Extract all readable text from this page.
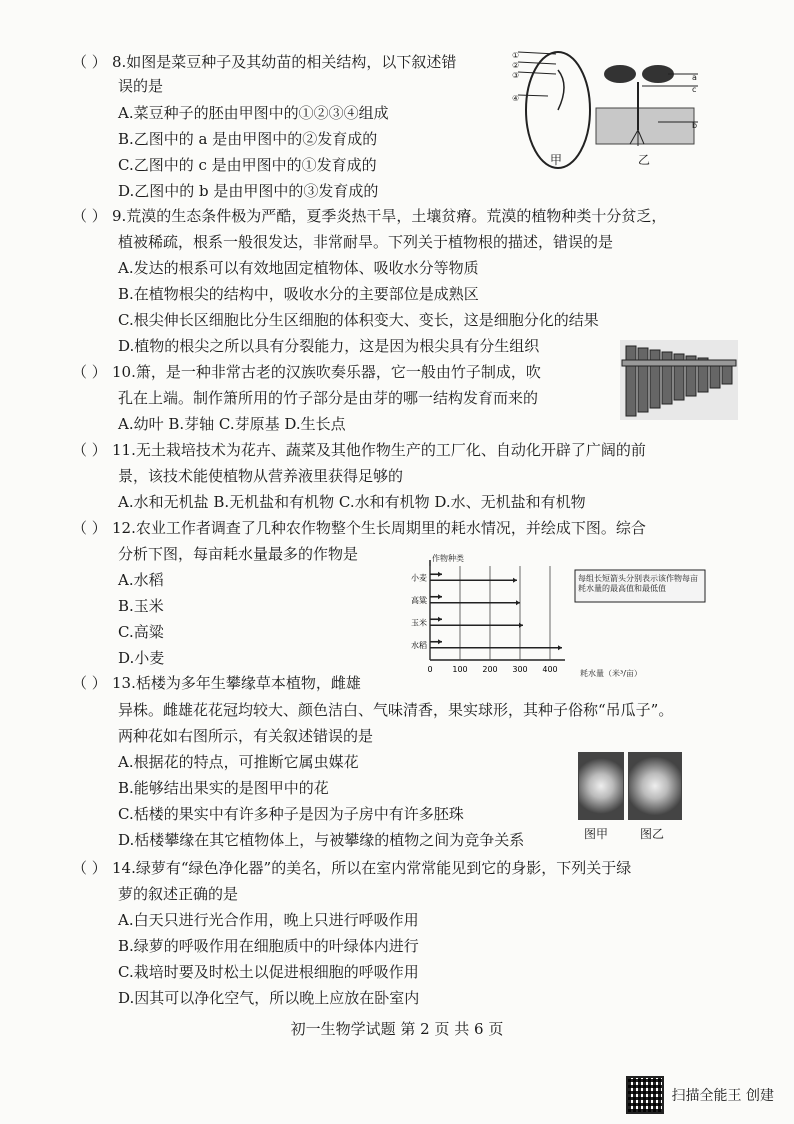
（ ） 8.如图是菜豆种子及其幼苗的相关结构，以下叙述错
误的是
A.菜豆种子的胚由甲图中的①②③④组成
B.乙图中的 a 是由甲图中的②发育成的
C.乙图中的 c 是由甲图中的①发育成的
D.乙图中的 b 是由甲图中的③发育成的
①
②
③
④
a
c
b
甲	乙
（ ） 9.荒漠的生态条件极为严酷，夏季炎热干旱，土壤贫瘠。荒漠的植物种类十分贫乏，
植被稀疏，根系一般很发达，非常耐旱。下列关于植物根的描述，错误的是
A.发达的根系可以有效地固定植物体、吸收水分等物质
B.在植物根尖的结构中，吸收水分的主要部位是成熟区
C.根尖伸长区细胞比分生区细胞的体积变大、变长，这是细胞分化的结果
D.植物的根尖之所以具有分裂能力，这是因为根尖具有分生组织
（ ） 10.箫，是一种非常古老的汉族吹奏乐器，它一般由竹子制成，吹
孔在上端。制作箫所用的竹子部分是由芽的哪一结构发育而来的
A.幼叶 B.芽轴 C.芽原基 D.生长点
（ ） 11.无土栽培技术为花卉、蔬菜及其他作物生产的工厂化、自动化开辟了广阔的前
景，该技术能使植物从营养液里获得足够的
A.水和无机盐 B.无机盐和有机物 C.水和有机物 D.水、无机盐和有机物
（ ） 12.农业工作者调查了几种农作物整个生长周期里的耗水情况，并绘成下图。综合
分析下图，每亩耗水量最多的作物是
A.水稻
B.玉米
C.高粱
D.小麦
0 100 200 300 400
小麦
高粱
玉米
水稻
作物种类
耗水量（米³/亩）
每组长短箭头分别表示该作物每亩耗水量的最高值和最低值
（ ） 13.栝楼为多年生攀缘草本植物，雌雄
异株。雌雄花花冠均较大、颜色洁白、气味清香，果实球形，其种子俗称“吊瓜子”。
两种花如右图所示，有关叙述错误的是
A.根据花的特点，可推断它属虫媒花
B.能够结出果实的是图甲中的花
C.栝楼的果实中有许多种子是因为子房中有许多胚珠
D.栝楼攀缘在其它植物体上，与被攀缘的植物之间为竞争关系	图甲	图乙
（ ） 14.绿萝有“绿色净化器”的美名，所以在室内常常能见到它的身影，下列关于绿
萝的叙述正确的是
A.白天只进行光合作用，晚上只进行呼吸作用
B.绿萝的呼吸作用在细胞质中的叶绿体内进行
C.栽培时要及时松土以促进根细胞的呼吸作用
D.因其可以净化空气，所以晚上应放在卧室内
初一生物学试题 第 2 页 共 6 页
扫描全能王 创建
